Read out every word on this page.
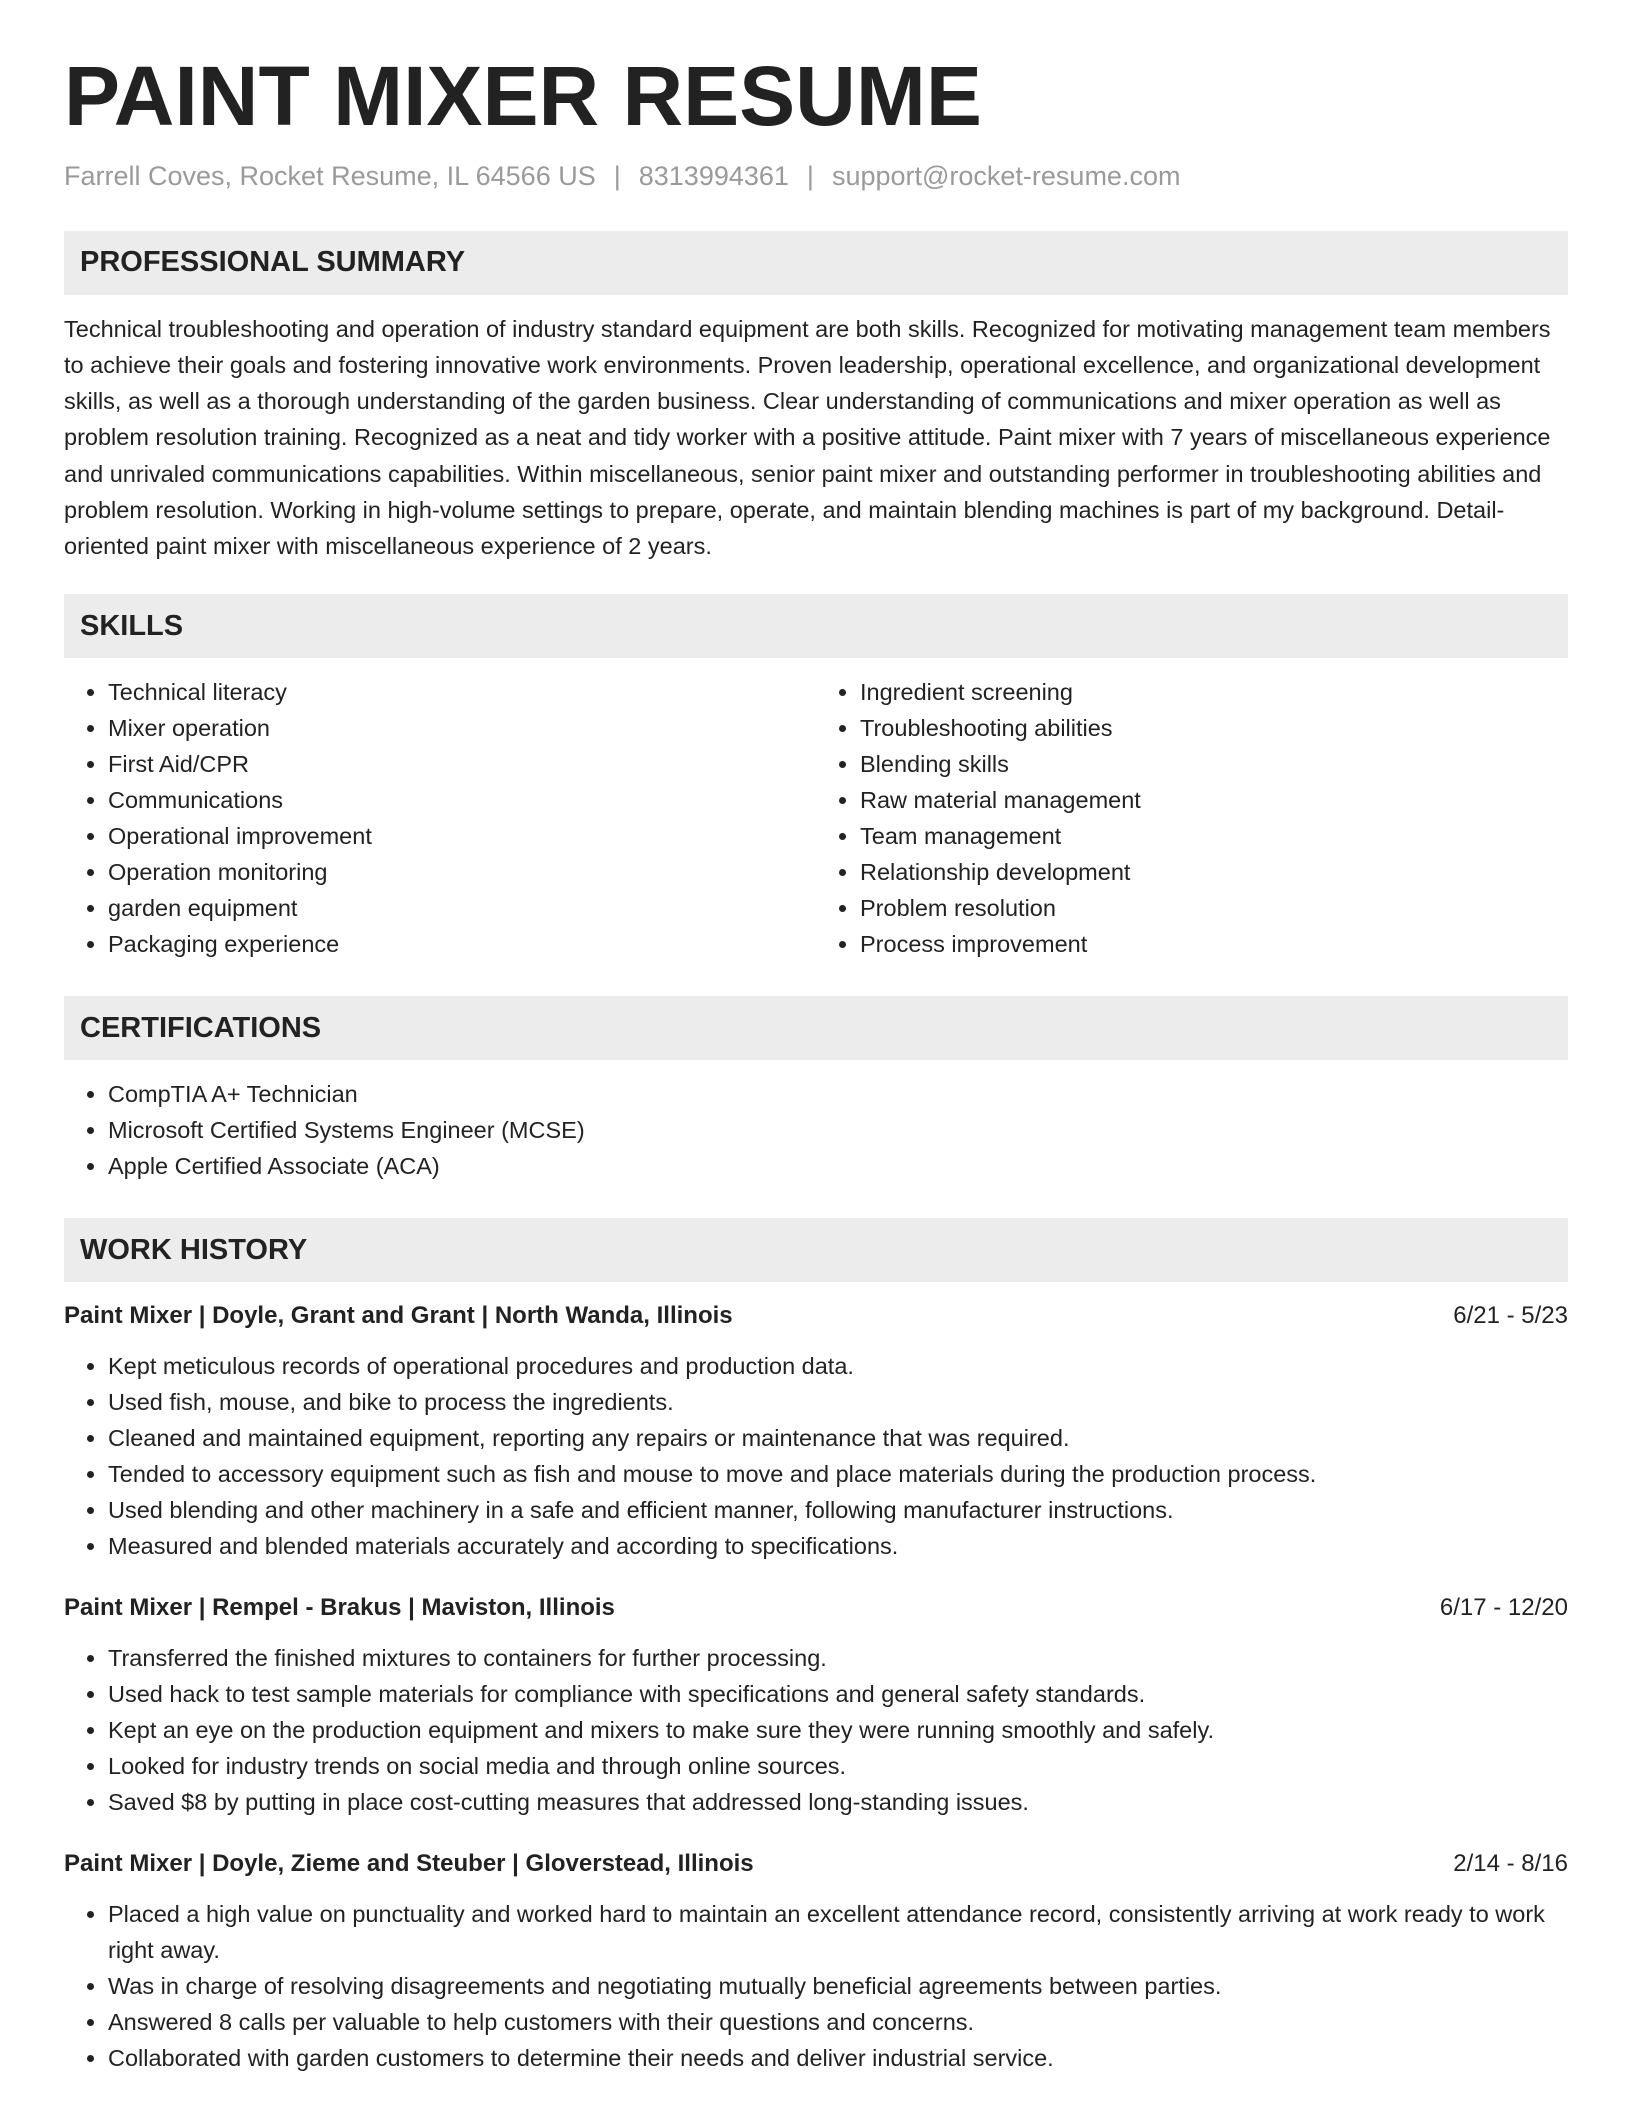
PAINT MIXER RESUME
Farrell Coves, Rocket Resume, IL 64566 US | 8313994361 | support@rocket-resume.com
PROFESSIONAL SUMMARY

Technical troubleshooting and operation of industry standard equipment are both skills. Recognized for motivating management team members to achieve their goals and fostering innovative work environments. Proven leadership, operational excellence, and organizational development skills, as well as a thorough understanding of the garden business. Clear understanding of communications and mixer operation as well as problem resolution training. Recognized as a neat and tidy worker with a positive attitude. Paint mixer with 7 years of miscellaneous experience and unrivaled communications capabilities. Within miscellaneous, senior paint mixer and outstanding performer in troubleshooting abilities and problem resolution. Working in high-volume settings to prepare, operate, and maintain blending machines is part of my background. Detail-oriented paint mixer with miscellaneous experience of 2 years.

SKILLS
• Technical literacy
• Mixer operation
• First Aid/CPR
• Communications
• Operational improvement
• Operation monitoring
• garden equipment
• Packaging experience
• Ingredient screening
• Troubleshooting abilities
• Blending skills
• Raw material management
• Team management
• Relationship development
• Problem resolution
• Process improvement
CERTIFICATIONS
• CompTIA A+ Technician
• Microsoft Certified Systems Engineer (MCSE)
• Apple Certified Associate (ACA)
WORK HISTORY
Paint Mixer | Doyle, Grant and Grant | North Wanda, Illinois	6/21 - 5/23
• Kept meticulous records of operational procedures and production data.
• Used fish, mouse, and bike to process the ingredients.
• Cleaned and maintained equipment, reporting any repairs or maintenance that was required.
• Tended to accessory equipment such as fish and mouse to move and place materials during the production process.
• Used blending and other machinery in a safe and efficient manner, following manufacturer instructions.
• Measured and blended materials accurately and according to specifications.
Paint Mixer | Rempel - Brakus | Maviston, Illinois	6/17 - 12/20
• Transferred the finished mixtures to containers for further processing.
• Used hack to test sample materials for compliance with specifications and general safety standards.
• Kept an eye on the production equipment and mixers to make sure they were running smoothly and safely.
• Looked for industry trends on social media and through online sources.
• Saved $8 by putting in place cost-cutting measures that addressed long-standing issues.
Paint Mixer | Doyle, Zieme and Steuber | Gloverstead, Illinois	2/14 - 8/16
• Placed a high value on punctuality and worked hard to maintain an excellent attendance record, consistently arriving at work ready to work right away.
• Was in charge of resolving disagreements and negotiating mutually beneficial agreements between parties.
• Answered 8 calls per valuable to help customers with their questions and concerns.
• Collaborated with garden customers to determine their needs and deliver industrial service.
